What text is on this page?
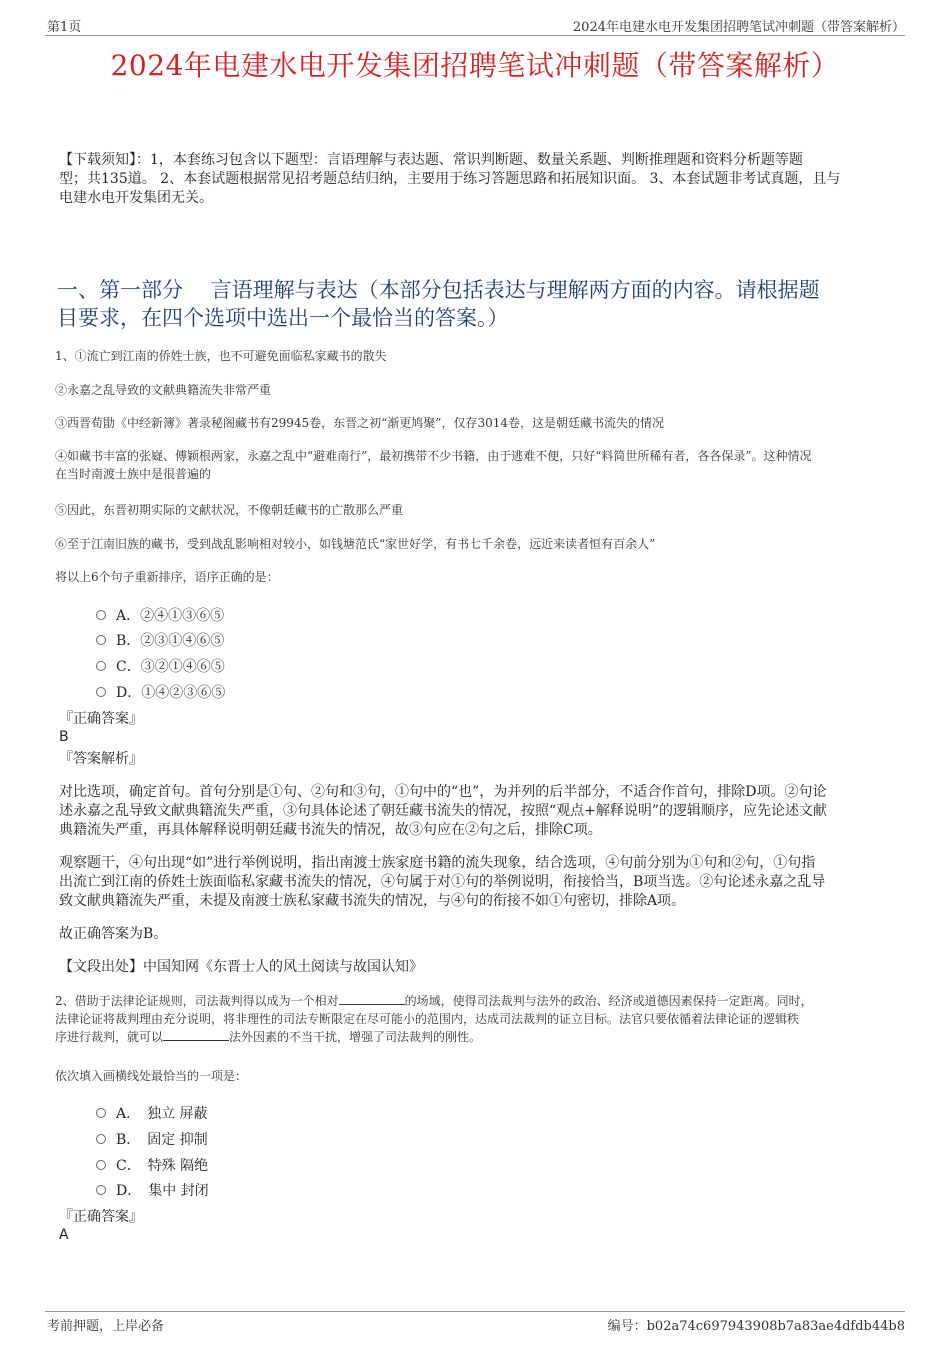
第1页	2024年电建水电开发集团招聘笔试冲刺题（带答案解析）
2024年电建水电开发集团招聘笔试冲刺题（带答案解析）
【下载须知】：1，本套练习包含以下题型：言语理解与表达题、常识判断题、数量关系题、判断推理题和资料分析题等题
型；共135道。 2、本套试题根据常见招考题总结归纳，主要用于练习答题思路和拓展知识面。 3、本套试题非考试真题，且与
电建水电开发集团无关。
一、第一部分　 言语理解与表达（本部分包括表达与理解两方面的内容。请根据题
目要求，在四个选项中选出一个最恰当的答案。）
1、①流亡到江南的侨姓士族，也不可避免面临私家藏书的散失
②永嘉之乱导致的文献典籍流失非常严重
③西晋荀勖《中经新簿》著录秘阁藏书有29945卷，东晋之初“渐更鸠聚”，仅存3014卷，这是朝廷藏书流失的情况
④如藏书丰富的张嶷、傅颖根两家，永嘉之乱中“避难南行”，最初携带不少书籍，由于逃难不便，只好“料简世所稀有者，各各保录”。这种情况
在当时南渡士族中是很普遍的
⑤因此，东晋初期实际的文献状况，不像朝廷藏书的亡散那么严重
⑥至于江南旧族的藏书，受到战乱影响相对较小，如钱塘范氏“家世好学，有书七千余卷，远近来读者恒有百余人”
将以上6个句子重新排序，语序正确的是：
A．②④①③⑥⑤
B．②③①④⑥⑤
C．③②①④⑥⑤
D．①④②③⑥⑤
『正确答案』
B
『答案解析』
对比选项，确定首句。首句分别是①句、②句和③句，①句中的“也”，为并列的后半部分，不适合作首句，排除D项。②句论
述永嘉之乱导致文献典籍流失严重，③句具体论述了朝廷藏书流失的情况，按照“观点+解释说明”的逻辑顺序，应先论述文献
典籍流失严重，再具体解释说明朝廷藏书流失的情况，故③句应在②句之后，排除C项。
观察题干，④句出现“如”进行举例说明，指出南渡士族家庭书籍的流失现象，结合选项，④句前分别为①句和②句，①句指
出流亡到江南的侨姓士族面临私家藏书流失的情况，④句属于对①句的举例说明，衔接恰当，B项当选。②句论述永嘉之乱导
致文献典籍流失严重，未提及南渡士族私家藏书流失的情况，与④句的衔接不如①句密切，排除A项。
故正确答案为B。
【文段出处】中国知网《东晋士人的风土阅读与故国认知》
2、借助于法律论证规则，司法裁判得以成为一个相对	的场域，使得司法裁判与法外的政治、经济或道德因素保持一定距离。同时，
法律论证将裁判理由充分说明，将非理性的司法专断限定在尽可能小的范围内，达成司法裁判的证立目标。法官只要依循着法律论证的逻辑秩
序进行裁判，就可以	法外因素的不当干扰，增强了司法裁判的刚性。
依次填入画横线处最恰当的一项是：
A．　独立 屏蔽
B．　固定 抑制
C．　特殊 隔绝
D．　集中 封闭
『正确答案』
A
考前押题，上岸必备	编号：b02a74c697943908b7a83ae4dfdb44b8
